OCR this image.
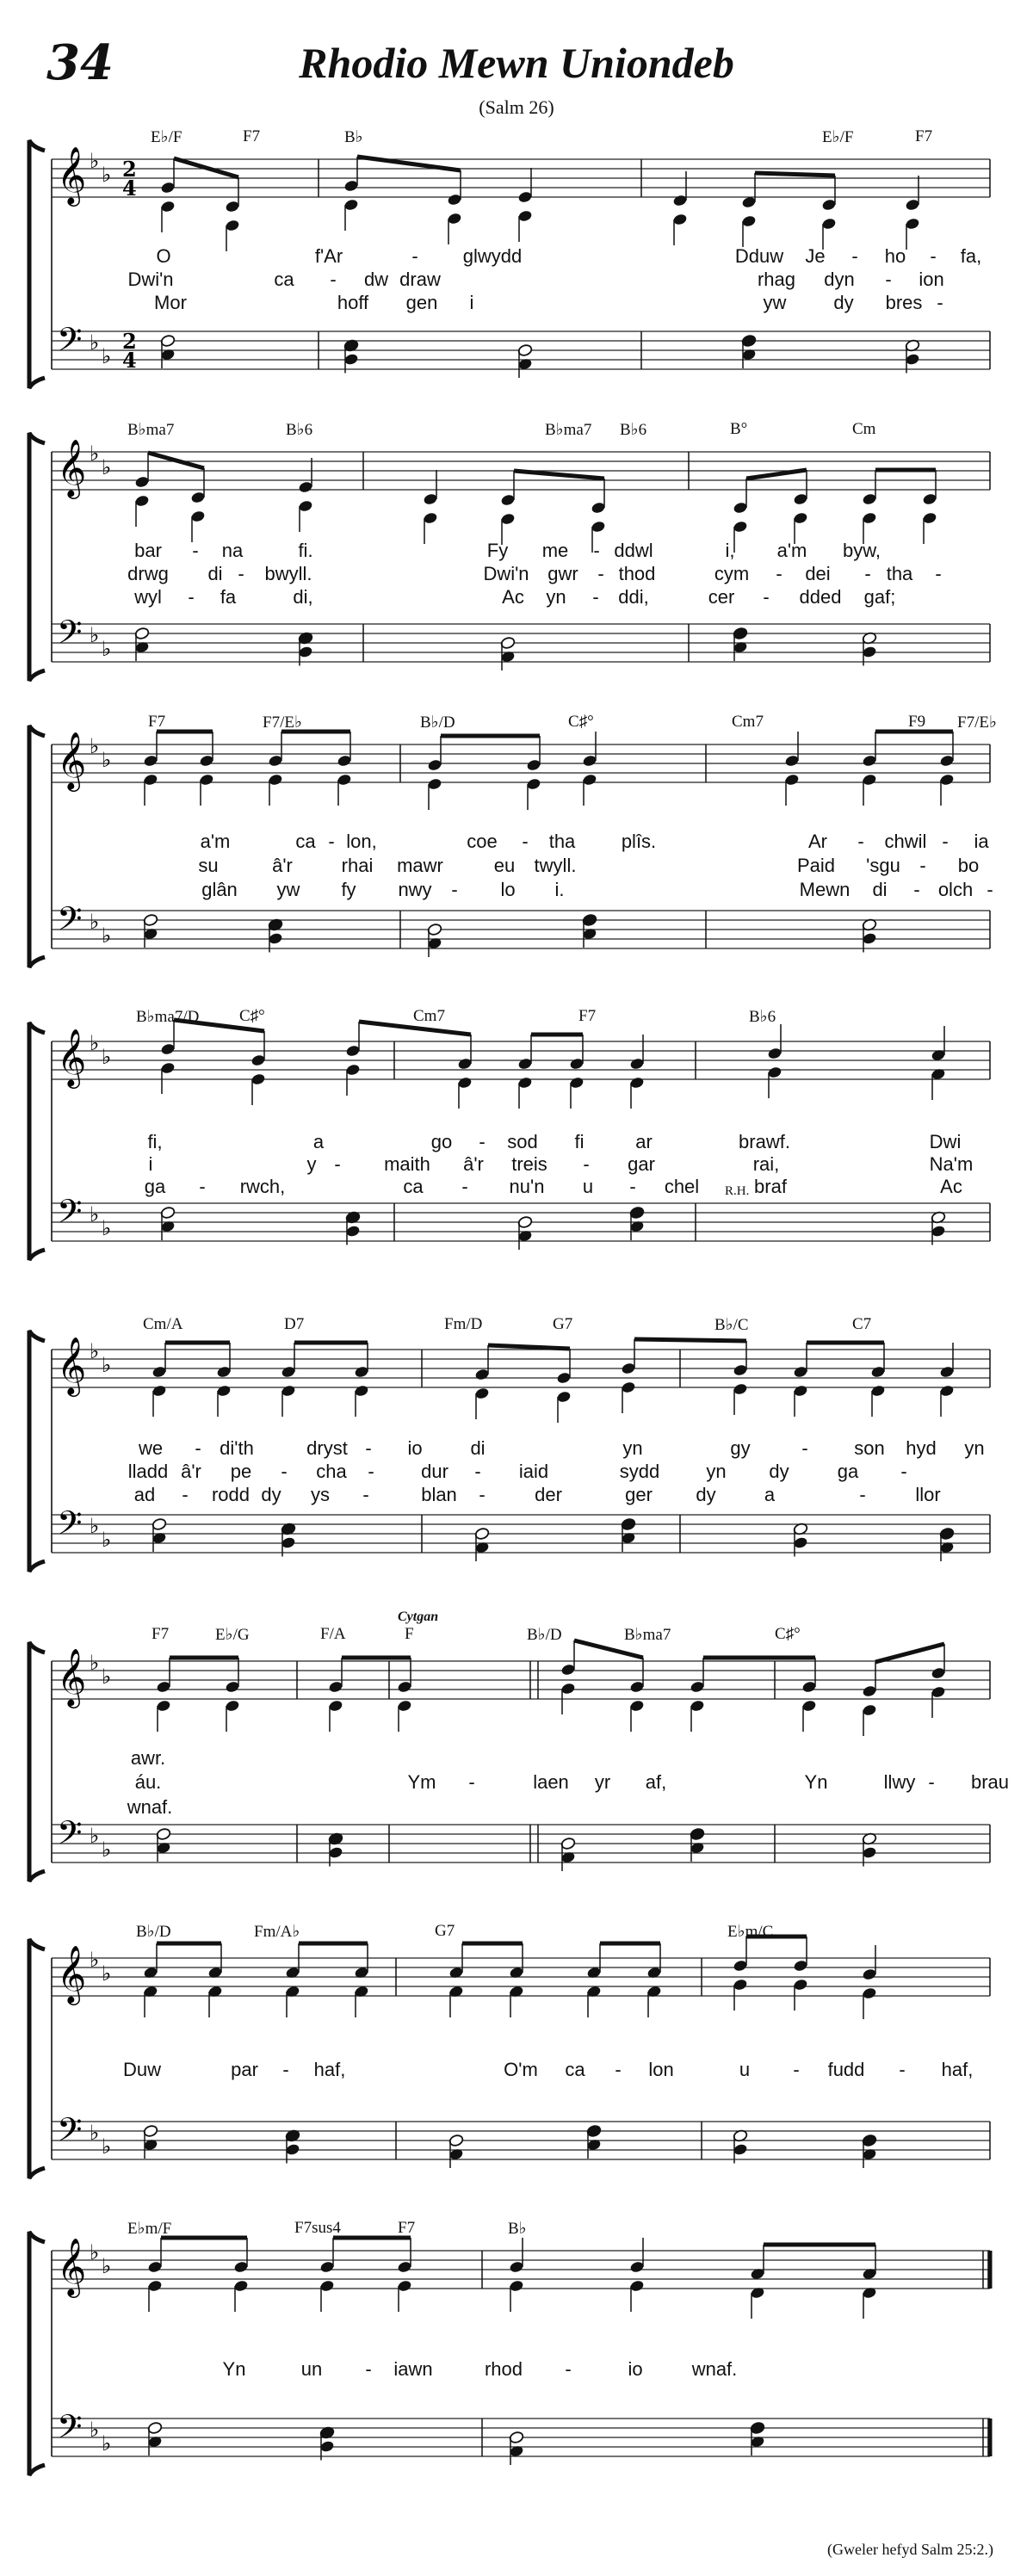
34	Rhodio Mewn Uniondeb
(Salm 26)
𝄞
𝄢
♭
♭
♭
♭
2
4
2
4
E♭/F	F7	B♭	E♭/F	F7
O	f'Ar	- glwydd	Dduw Je - ho - fa,
Dwi'n	ca - dw draw	rhag dyn - ion
Mor	hoff gen i	yw dy bres -
𝄞
𝄢
♭
♭
♭
♭
B♭ma7	B♭6	B♭ma7 B♭6	B°	Cm
bar - na	fi.	Fy me - ddwl	i, a'm byw,
drwg di - bwyll.	Dwi'n gwr - thod	cym - dei - tha -
wyl - fa	di,	Ac yn - ddi,	cer - dded gaf;
𝄞
𝄢
♭
♭
♭
♭
F7	F7/E♭	B♭/D	C♯°	Cm7	F9 F7/E♭
a'm	ca - lon,	coe - tha plîs.	Ar - chwil - ia
su	â'r	rhai mawr	eu twyll.	Paid 'sgu - bo
glân yw fy nwy - lo i.	Mewn di - olch -
𝄞
𝄢
♭
♭
♭
♭
B♭ma7/D C♯°	Cm7	F7	B♭6
R.H.
fi,	a	go - sod fi	ar	brawf.	Dwi
i	y - maith â'r treis - gar	rai,	Na'm
ga - rwch,	ca - nu'n u - chel	braf	Ac
𝄞
𝄢
♭
♭
♭
♭
Cm/A	D7	Fm/D	G7	B♭/C	C7
we - di'th	dryst - io	di	yn	gy	- son hyd yn
lladd â'r pe - cha - dur - iaid	sydd yn dy	ga -
ad - rodd dy ys -	blan -	der	ger dy	a	-	llor
𝄞
𝄢
♭
♭
♭
♭
F7	E♭/G	F/A	F	B♭/D	B♭ma7	C♯°
Cytgan
awr.
áu.	Ym -	laen yr af,	Yn	llwy - brau
wnaf.
𝄞
𝄢
♭
♭
♭
♭
B♭/D	Fm/A♭	G7	E♭m/C
Duw	par - haf,	O'm ca - lon	u - fudd - haf,
𝄞
𝄢
♭
♭
♭
♭
E♭m/F	F7sus4	F7	B♭
Yn	un - iawn	rhod -	io	wnaf.
(Gweler hefyd Salm 25:2.)
